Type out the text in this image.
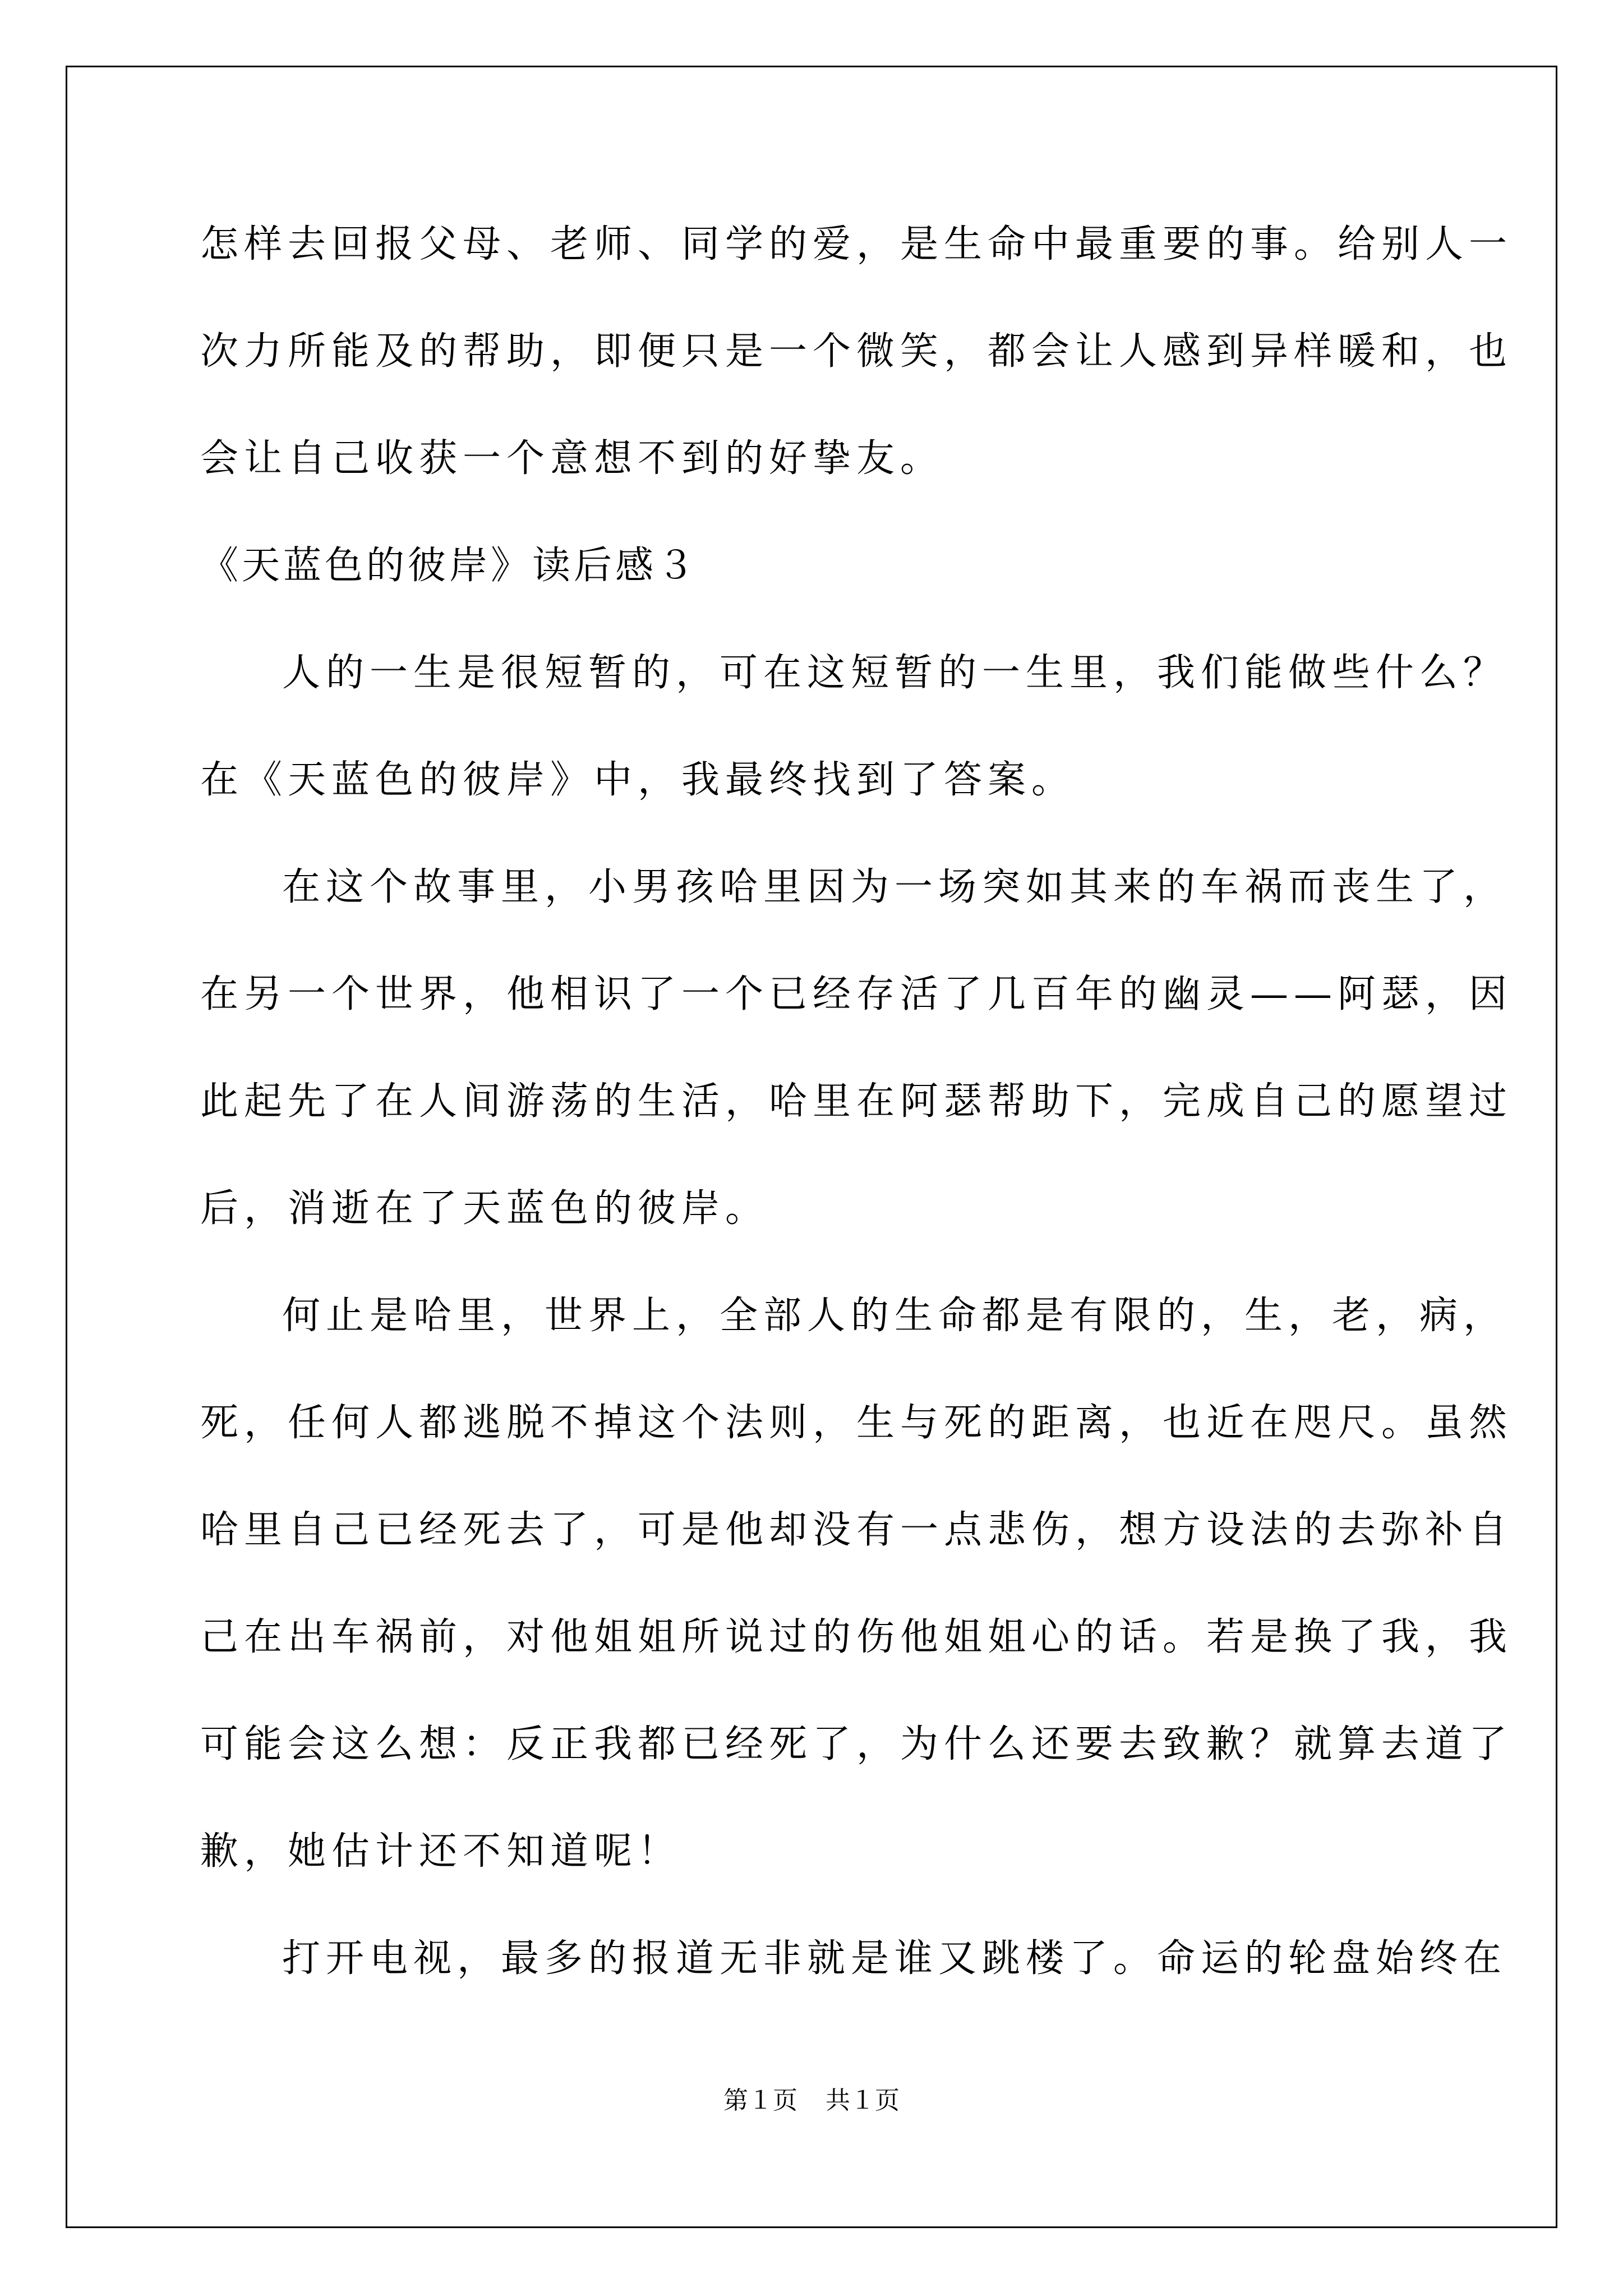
怎样去回报父母、老师、同学的爱，是生命中最重要的事。给别人一

次力所能及的帮助，即便只是一个微笑，都会让人感到异样暖和，也

会让自己收获一个意想不到的好挚友。

《天蓝色的彼岸》读后感３

人的一生是很短暂的，可在这短暂的一生里，我们能做些什么？

在《天蓝色的彼岸》中，我最终找到了答案。

在这个故事里，小男孩哈里因为一场突如其来的车祸而丧生了，

在另一个世界，他相识了一个已经存活了几百年的幽灵——阿瑟，因

此起先了在人间游荡的生活，哈里在阿瑟帮助下，完成自己的愿望过

后，消逝在了天蓝色的彼岸。

何止是哈里，世界上，全部人的生命都是有限的，生，老，病，

死，任何人都逃脱不掉这个法则，生与死的距离，也近在咫尺。虽然

哈里自己已经死去了，可是他却没有一点悲伤，想方设法的去弥补自

己在出车祸前，对他姐姐所说过的伤他姐姐心的话。若是换了我，我

可能会这么想：反正我都已经死了，为什么还要去致歉？就算去道了

歉，她估计还不知道呢！

打开电视，最多的报道无非就是谁又跳楼了。命运的轮盘始终在

第１页 共１页
